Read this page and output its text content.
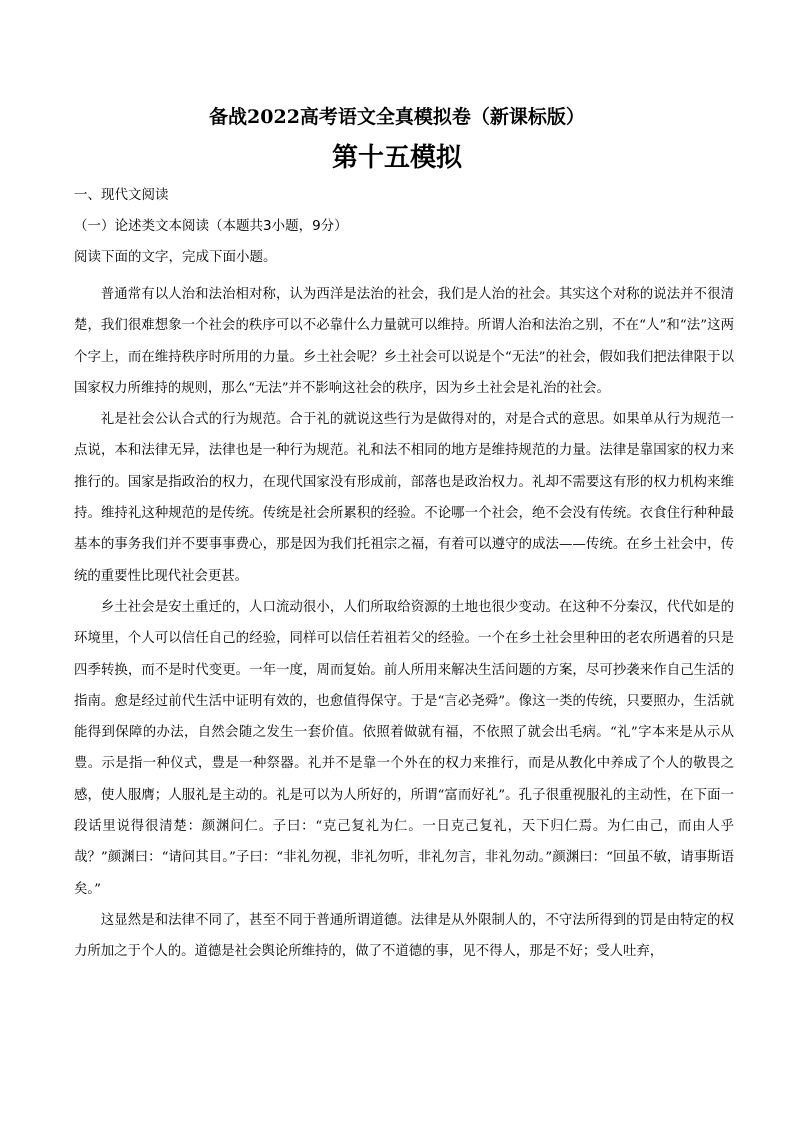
备战2022高考语文全真模拟卷（新课标版）
第十五模拟
一、现代文阅读
（一）论述类文本阅读（本题共3小题，9分）
阅读下面的文字，完成下面小题。

普通常有以人治和法治相对称，认为西洋是法治的社会，我们是人治的社会。其实这个对称的说法并不很清楚，我们很难想象一个社会的秩序可以不必靠什么力量就可以维持。所谓人治和法治之别，不在“人”和“法”这两个字上，而在维持秩序时所用的力量。乡土社会呢？乡土社会可以说是个“无法”的社会，假如我们把法律限于以国家权力所维持的规则，那么“无法”并不影响这社会的秩序，因为乡土社会是礼治的社会。

礼是社会公认合式的行为规范。合于礼的就说这些行为是做得对的，对是合式的意思。如果单从行为规范一点说，本和法律无异，法律也是一种行为规范。礼和法不相同的地方是维持规范的力量。法律是靠国家的权力来推行的。国家是指政治的权力，在现代国家没有形成前，部落也是政治权力。礼却不需要这有形的权力机构来维持。维持礼这种规范的是传统。传统是社会所累积的经验。不论哪一个社会，绝不会没有传统。衣食住行种种最基本的事务我们并不要事事费心，那是因为我们托祖宗之福，有着可以遵守的成法——传统。在乡土社会中，传统的重要性比现代社会更甚。

乡土社会是安土重迁的，人口流动很小，人们所取给资源的土地也很少变动。在这种不分秦汉，代代如是的环境里，个人可以信任自己的经验，同样可以信任若祖若父的经验。一个在乡土社会里种田的老农所遇着的只是四季转换，而不是时代变更。一年一度，周而复始。前人所用来解决生活问题的方案，尽可抄袭来作自己生活的指南。愈是经过前代生活中证明有效的，也愈值得保守。于是“言必尧舜”。像这一类的传统，只要照办，生活就能得到保障的办法，自然会随之发生一套价值。依照着做就有福，不依照了就会出毛病。“礼”字本来是从示从豊。示是指一种仪式，豊是一种祭器。礼并不是靠一个外在的权力来推行，而是从教化中养成了个人的敬畏之感，使人服膺；人服礼是主动的。礼是可以为人所好的，所谓“富而好礼”。孔子很重视服礼的主动性，在下面一段话里说得很清楚：颜渊问仁。子曰：“克己复礼为仁。一日克己复礼，天下归仁焉。为仁由己，而由人乎哉？”颜渊曰：“请问其目。”子曰：“非礼勿视，非礼勿听，非礼勿言，非礼勿动。”颜渊曰：“回虽不敏，请事斯语矣。”

这显然是和法律不同了，甚至不同于普通所谓道德。法律是从外限制人的，不守法所得到的罚是由特定的权力所加之于个人的。道德是社会舆论所维持的，做了不道德的事，见不得人，那是不好；受人吐弃，
